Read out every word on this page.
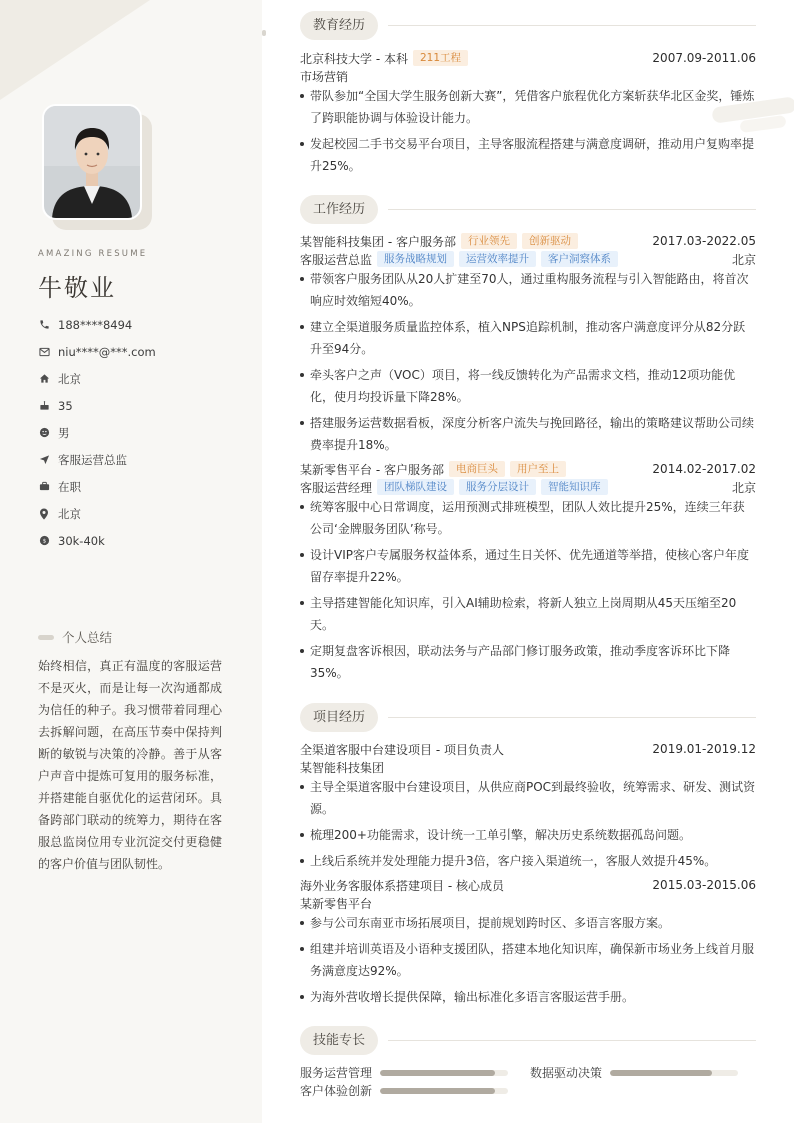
AMAZING RESUME
牛敬业
188****8494
niu****@***.com
北京
35
男
客服运营总监
在职
北京
$ 30k-40k
个人总结
始终相信，真正有温度的客服运营不是灭火，而是让每一次沟通都成为信任的种子。我习惯带着同理心去拆解问题，在高压节奏中保持判断的敏锐与决策的冷静。善于从客户声音中提炼可复用的服务标准，并搭建能自驱优化的运营闭环。具备跨部门联动的统筹力，期待在客服总监岗位用专业沉淀交付更稳健的客户价值与团队韧性。
教育经历
北京科技大学 - 本科	211工程	2007.09-2011.06
市场营销
带队参加“全国大学生服务创新大赛”，凭借客户旅程优化方案斩获华北区金奖，锤炼了跨职能协调与体验设计能力。
发起校园二手书交易平台项目，主导客服流程搭建与满意度调研，推动用户复购率提升25%。
工作经历
某智能科技集团 - 客户服务部	行业领先	创新驱动	2017.03-2022.05
客服运营总监	服务战略规划	运营效率提升	客户洞察体系	北京
带领客户服务团队从20人扩建至70人，通过重构服务流程与引入智能路由，将首次响应时效缩短40%。
建立全渠道服务质量监控体系，植入NPS追踪机制，推动客户满意度评分从82分跃升至94分。
牵头客户之声（VOC）项目，将一线反馈转化为产品需求文档，推动12项功能优化，使月均投诉量下降28%。
搭建服务运营数据看板，深度分析客户流失与挽回路径，输出的策略建议帮助公司续费率提升18%。
某新零售平台 - 客户服务部	电商巨头	用户至上	2014.02-2017.02
客服运营经理	团队梯队建设	服务分层设计	智能知识库	北京
统筹客服中心日常调度，运用预测式排班模型，团队人效比提升25%，连续三年获公司‘金牌服务团队’称号。
设计VIP客户专属服务权益体系，通过生日关怀、优先通道等举措，使核心客户年度留存率提升22%。
主导搭建智能化知识库，引入AI辅助检索，将新人独立上岗周期从45天压缩至20天。
定期复盘客诉根因，联动法务与产品部门修订服务政策，推动季度客诉环比下降35%。
项目经历
全渠道客服中台建设项目 - 项目负责人	2019.01-2019.12
某智能科技集团
主导全渠道客服中台建设项目，从供应商POC到最终验收，统筹需求、研发、测试资源。
梳理200+功能需求，设计统一工单引擎，解决历史系统数据孤岛问题。
上线后系统并发处理能力提升3倍，客户接入渠道统一，客服人效提升45%。
海外业务客服体系搭建项目 - 核心成员	2015.03-2015.06
某新零售平台
参与公司东南亚市场拓展项目，提前规划跨时区、多语言客服方案。
组建并培训英语及小语种支援团队，搭建本地化知识库，确保新市场业务上线首月服务满意度达92%。
为海外营收增长提供保障，输出标准化多语言客服运营手册。
技能专长
服务运营管理	数据驱动决策
客户体验创新
